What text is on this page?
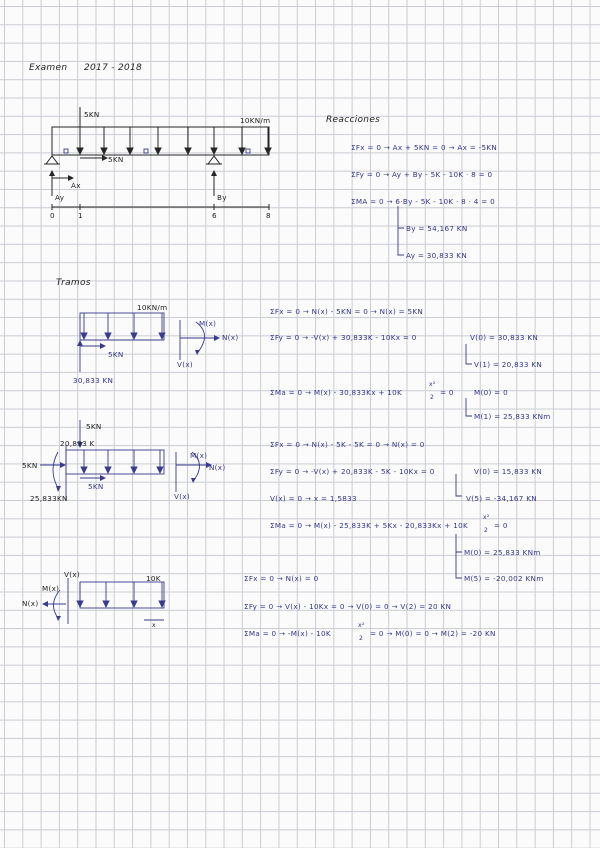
Examen 2017 - 2018
5KN
10KN/m
5KN
Ax
Ay	By
0	1	6	8
Reacciones
ΣFx = 0 → Ax + 5KN = 0 → Ax = -5KN
ΣFy = 0 → Ay + By - 5K - 10K · 8 = 0
ΣMA = 0 → 6·By - 5K - 10K · 8 · 4 = 0
By = 54,167 KN
Ay = 30,833 KN
Tramos
10KN/m
5KN
30,833 KN
M(x)
N(x)
V(x)
ΣFx = 0 → N(x) - 5KN = 0 → N(x) = 5KN
ΣFy = 0 → -V(x) + 30,833K - 10Kx = 0	V(0) = 30,833 KN
V(1) = 20,833 KN
ΣMa = 0 → M(x) - 30,833Kx + 10K
x²
2
= 0	M(0) = 0
M(1) = 25,833 KNm
5KN
20,833 K
5KN
25,833KN
5KN
M(x)
N(x)
V(x)
ΣFx = 0 → N(x) - 5K - 5K = 0 → N(x) = 0
ΣFy = 0 → -V(x) + 20,833K - 5K - 10Kx = 0	V(0) = 15,833 KN
V(x) = 0 → x = 1,5833	V(5) = -34,167 KN
ΣMa = 0 → M(x) - 25,833K + 5Kx - 20,833Kx + 10K
x²
2
= 0
M(0) = 25,833 KNm
M(5) = -20,002 KNm
V(x)
M(x)
N(x)
10K
x
ΣFx = 0 → N(x) = 0
ΣFy = 0 → V(x) - 10Kx = 0 → V(0) = 0 → V(2) = 20 KN
ΣMa = 0 → -M(x) - 10K
x²
2
= 0 → M(0) = 0 → M(2) = -20 KN
